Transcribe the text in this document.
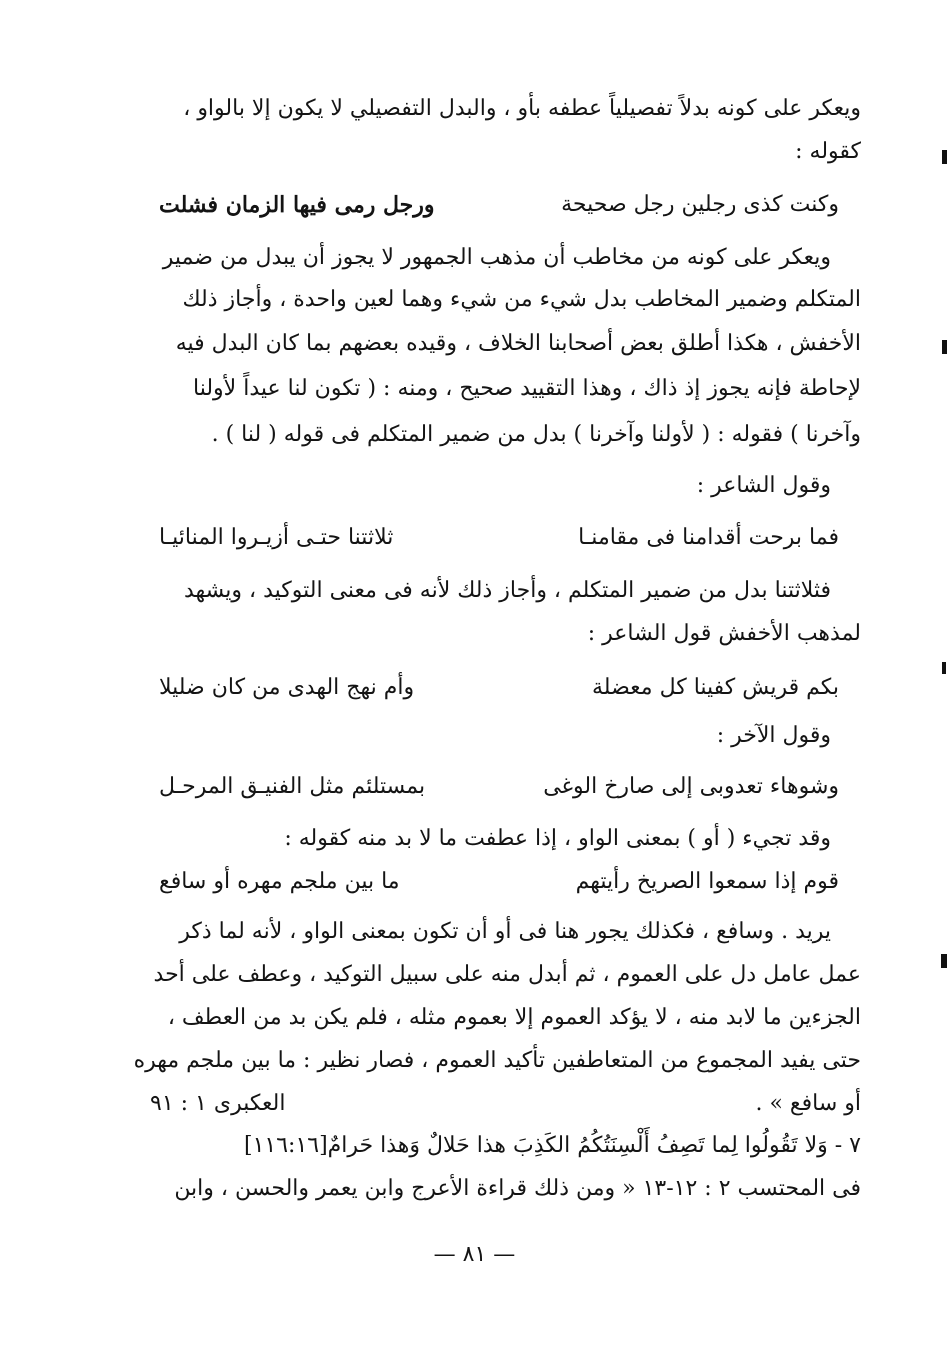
ويعكر على كونه بدلاً تفصيلياً عطفه بأو ، والبدل التفصيلي لا يكون إلا بالواو ،
كقوله :
وكنت كذى رجلين رجل صحيحة
ورجل رمى فيها الزمان فشلت
ويعكر على كونه من مخاطب أن مذهب الجمهور لا يجوز أن يبدل من ضمير
المتكلم وضمير المخاطب بدل شيء من شيء وهما لعين واحدة ، وأجاز ذلك
الأخفش ، هكذا أطلق بعض أصحابنا الخلاف ، وقيده بعضهم بما كان البدل فيه
لإحاطة فإنه يجوز إذ ذاك ، وهذا التقييد صحيح ، ومنه : ( تكون لنا عيداً لأولنا
وآخرنا ) فقوله : ( لأولنا وآخرنا ) بدل من ضمير المتكلم فى قوله ( لنا ) .
وقول الشاعر :
فما برحت أقدامنا فى مقامنـا
ثلاثتنا حتـى أزيـروا المنائيـا
فثلاثتنا بدل من ضمير المتكلم ، وأجاز ذلك لأنه فى معنى التوكيد ، ويشهد
لمذهب الأخفش قول الشاعر :
بكم قريش كفينا كل معضلة
وأم نهج الهدى من كان ضليلا
وقول الآخر :
وشوهاء تعدوبى إلى صارخ الوغى
بمستلئم مثل الفنيـق المرحـل
وقد تجيء ( أو ) بمعنى الواو ، إذا عطفت ما لا بد منه كقوله :
قوم إذا سمعوا الصريخ رأيتهم
ما بين ملجم مهره أو سافع
يريد . وسافع ، فكذلك يجور هنا فى أو أن تكون بمعنى الواو ، لأنه لما ذكر
عمل عامل دل على العموم ، ثم أبدل منه على سبيل التوكيد ، وعطف على أحد
الجزءين ما لابد منه ، لا يؤكد العموم إلا بعموم مثله ، فلم يكن بد من العطف ،
حتى يفيد المجموع من المتعاطفين تأكيد العموم ، فصار نظير : ما بين ملجم مهره
أو سافع » .
العكبرى ١ : ٩١
٧ - وَلا تَقُولُوا لِما تَصِفُ أَلْسِنَتُكُمُ الكَذِبَ هذا حَلالٌ وَهذا حَرامٌ[١١٦:١٦]
فى المحتسب ٢ : ١٢-١٣ « ومن ذلك قراءة الأعرج وابن يعمر والحسن ، وابن
— ٨١ —
